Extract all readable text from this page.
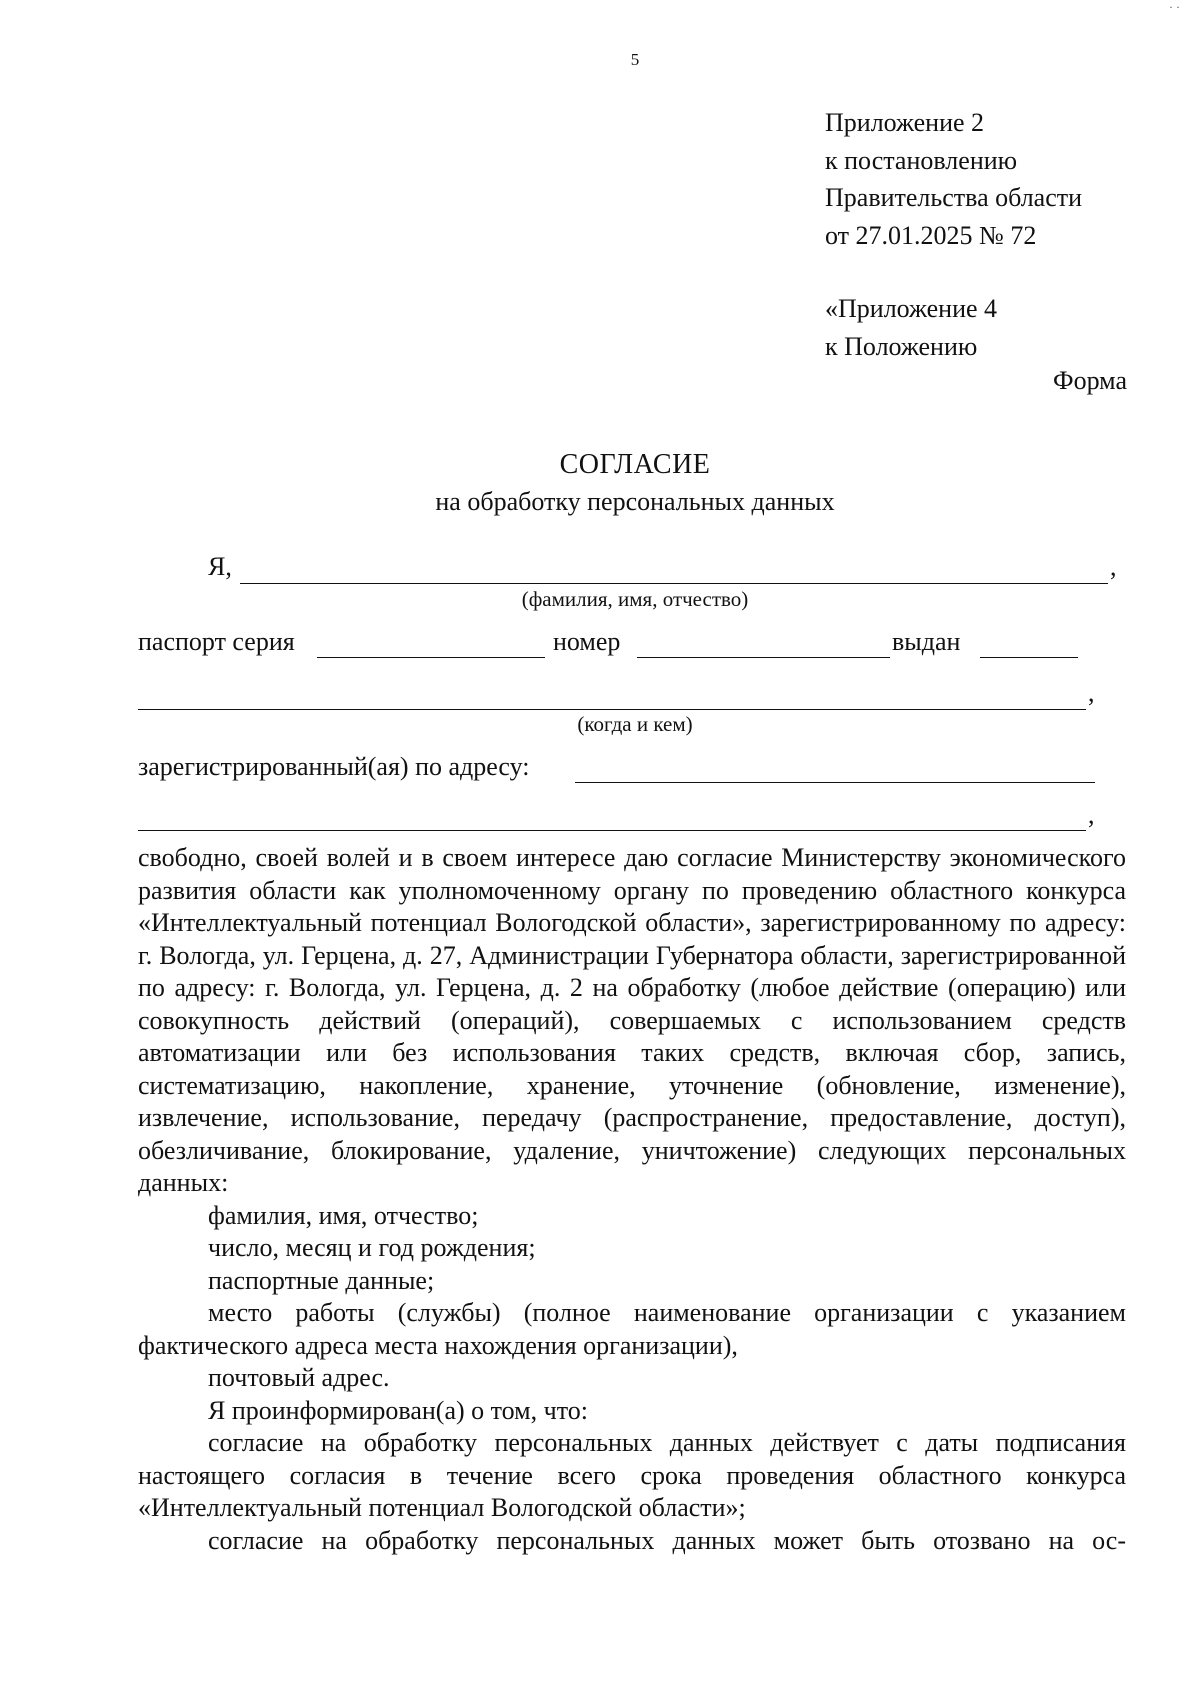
· ·
5
Приложение 2
к постановлению
Правительства области
от 27.01.2025 № 72
«Приложение 4
к Положению
Форма
СОГЛАСИЕ
на обработку персональных данных
Я,	,
(фамилия, имя, отчество)
паспорт серия	номер	выдан
,
(когда и кем)
зарегистрированный(ая) по адресу:
,

свободно, своей волей и в своем интересе даю согласие Министерству экономического развития области как уполномоченному органу по проведению областного конкурса «Интеллектуальный потенциал Вологодской области», зарегистрированному по адресу: г. Вологда, ул. Герцена, д. 27, Администрации Губернатора области, зарегистрированной по адресу: г. Вологда, ул. Герцена, д. 2 на обработку (любое действие (операцию) или совокупность действий (операций), совершаемых с использованием средств автоматизации или без использования таких средств, включая сбор, запись, систематизацию, накопление, хранение, уточнение (обновление, изменение), извлечение, использование, передачу (распространение, предоставление, доступ), обезличивание, блокирование, удаление, уничтожение) следующих персональных данных:

фамилия, имя, отчество;

число, месяц и год рождения;

паспортные данные;

место работы (службы) (полное наименование организации с указанием фактического адреса места нахождения организации),

почтовый адрес.

Я проинформирован(а) о том, что:

согласие на обработку персональных данных действует с даты подписания настоящего согласия в течение всего срока проведения областного конкурса «Интеллектуальный потенциал Вологодской области»;

согласие на обработку персональных данных может быть отозвано на ос-
